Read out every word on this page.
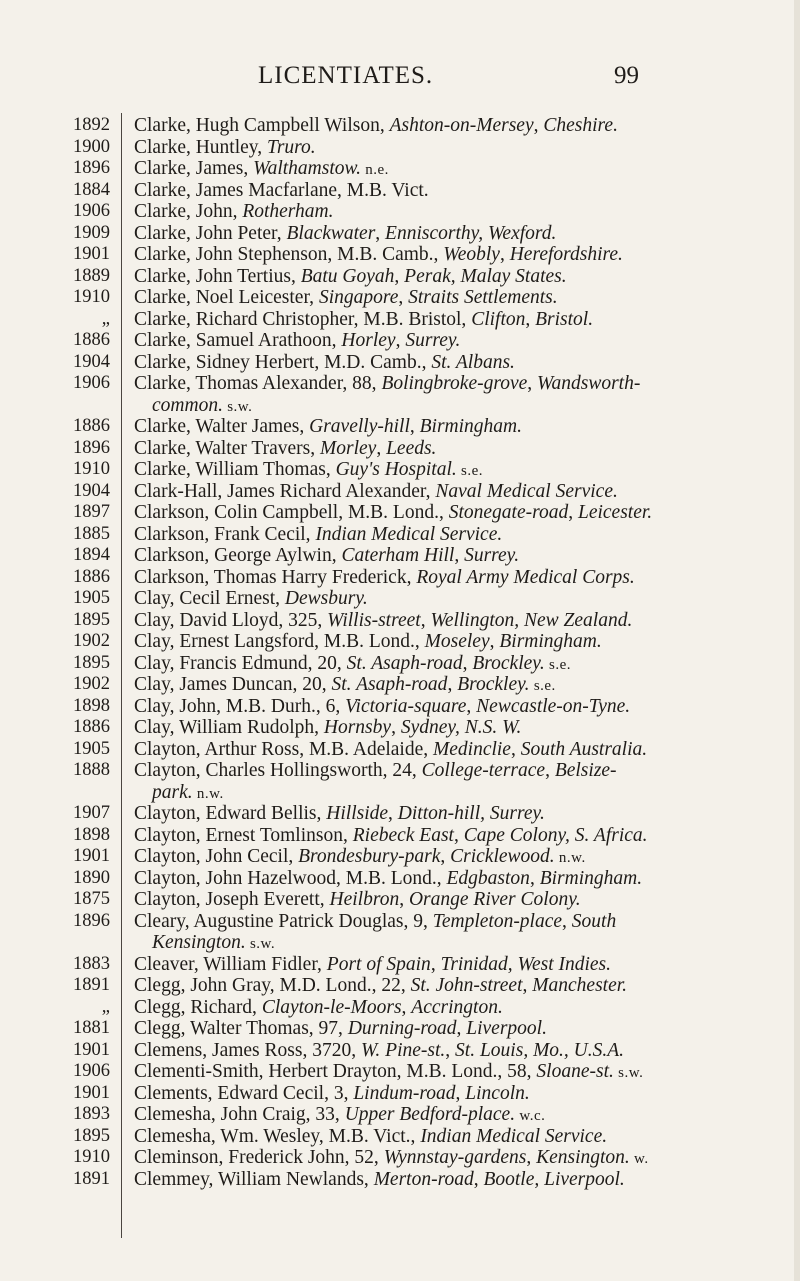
LICENTIATES.	99
1892	Clarke, Hugh Campbell Wilson, Ashton-on-Mersey, Cheshire.
1900	Clarke, Huntley, Truro.
1896	Clarke, James, Walthamstow. n.e.
1884	Clarke, James Macfarlane, M.B. Vict.
1906	Clarke, John, Rotherham.
1909	Clarke, John Peter, Blackwater, Enniscorthy, Wexford.
1901	Clarke, John Stephenson, M.B. Camb., Weobly, Herefordshire.
1889	Clarke, John Tertius, Batu Goyah, Perak, Malay States.
1910	Clarke, Noel Leicester, Singapore, Straits Settlements.
„	Clarke, Richard Christopher, M.B. Bristol, Clifton, Bristol.
1886	Clarke, Samuel Arathoon, Horley, Surrey.
1904	Clarke, Sidney Herbert, M.D. Camb., St. Albans.
1906	Clarke, Thomas Alexander, 88, Bolingbroke-grove, Wandsworth-
common. s.w.
1886	Clarke, Walter James, Gravelly-hill, Birmingham.
1896	Clarke, Walter Travers, Morley, Leeds.
1910	Clarke, William Thomas, Guy's Hospital. s.e.
1904	Clark-Hall, James Richard Alexander, Naval Medical Service.
1897	Clarkson, Colin Campbell, M.B. Lond., Stonegate-road, Leicester.
1885	Clarkson, Frank Cecil, Indian Medical Service.
1894	Clarkson, George Aylwin, Caterham Hill, Surrey.
1886	Clarkson, Thomas Harry Frederick, Royal Army Medical Corps.
1905	Clay, Cecil Ernest, Dewsbury.
1895	Clay, David Lloyd, 325, Willis-street, Wellington, New Zealand.
1902	Clay, Ernest Langsford, M.B. Lond., Moseley, Birmingham.
1895	Clay, Francis Edmund, 20, St. Asaph-road, Brockley. s.e.
1902	Clay, James Duncan, 20, St. Asaph-road, Brockley. s.e.
1898	Clay, John, M.B. Durh., 6, Victoria-square, Newcastle-on-Tyne.
1886	Clay, William Rudolph, Hornsby, Sydney, N.S. W.
1905	Clayton, Arthur Ross, M.B. Adelaide, Medinclie, South Australia.
1888	Clayton, Charles Hollingsworth, 24, College-terrace, Belsize-
park. n.w.
1907	Clayton, Edward Bellis, Hillside, Ditton-hill, Surrey.
1898	Clayton, Ernest Tomlinson, Riebeck East, Cape Colony, S. Africa.
1901	Clayton, John Cecil, Brondesbury-park, Cricklewood. n.w.
1890	Clayton, John Hazelwood, M.B. Lond., Edgbaston, Birmingham.
1875	Clayton, Joseph Everett, Heilbron, Orange River Colony.
1896	Cleary, Augustine Patrick Douglas, 9, Templeton-place, South
Kensington. s.w.
1883	Cleaver, William Fidler, Port of Spain, Trinidad, West Indies.
1891	Clegg, John Gray, M.D. Lond., 22, St. John-street, Manchester.
„	Clegg, Richard, Clayton-le-Moors, Accrington.
1881	Clegg, Walter Thomas, 97, Durning-road, Liverpool.
1901	Clemens, James Ross, 3720, W. Pine-st., St. Louis, Mo., U.S.A.
1906	Clementi-Smith, Herbert Drayton, M.B. Lond., 58, Sloane-st. s.w.
1901	Clements, Edward Cecil, 3, Lindum-road, Lincoln.
1893	Clemesha, John Craig, 33, Upper Bedford-place. w.c.
1895	Clemesha, Wm. Wesley, M.B. Vict., Indian Medical Service.
1910	Cleminson, Frederick John, 52, Wynnstay-gardens, Kensington. w.
1891	Clemmey, William Newlands, Merton-road, Bootle, Liverpool.
